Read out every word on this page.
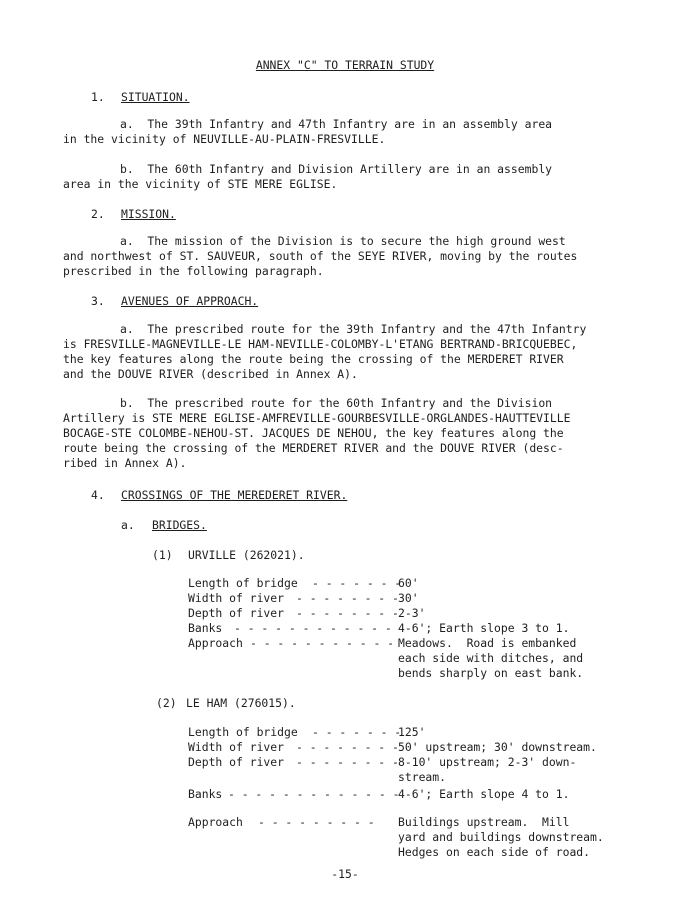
ANNEX "C" TO TERRAIN STUDY
1. SITUATION.
a.  The 39th Infantry and 47th Infantry are in an assembly area
in the vicinity of NEUVILLE-AU-PLAIN-FRESVILLE.
b.  The 60th Infantry and Division Artillery are in an assembly
area in the vicinity of STE MERE EGLISE.
2. MISSION.
a.  The mission of the Division is to secure the high ground west
and northwest of ST. SAUVEUR, south of the SEYE RIVER, moving by the routes
prescribed in the following paragraph.
3. AVENUES OF APPROACH.
a.  The prescribed route for the 39th Infantry and the 47th Infantry
is FRESVILLE-MAGNEVILLE-LE HAM-NEVILLE-COLOMBY-L'ETANG BERTRAND-BRICQUEBEC,
the key features along the route being the crossing of the MERDERET RIVER
and the DOUVE RIVER (described in Annex A).
b.  The prescribed route for the 60th Infantry and the Division
Artillery is STE MERE EGLISE-AMFREVILLE-GOURBESVILLE-ORGLANDES-HAUTTEVILLE
BOCAGE-STE COLOMBE-NEHOU-ST. JACQUES DE NEHOU, the key features along the
route being the crossing of the MERDERET RIVER and the DOUVE RIVER (desc-
ribed in Annex A).
4. CROSSINGS OF THE MEREDERET RIVER.
a. BRIDGES.
(1) URVILLE (262021).
Length of bridge - - - - - - -
60'
Width of river - - - - - - - - 30'
Depth of river - - - - - - - - 2-3'
Banks - - - - - - - - - - - - 4-6'; Earth slope 3 to 1.
Approach - - - - - - - - - - - Meadows.  Road is embanked
each side with ditches, and
bends sharply on east bank.
(2) LE HAM (276015).
Length of bridge - - - - - - -
125'
Width of river - - - - - - - - 50' upstream; 30' downstream.
Depth of river - - - - - - - - 8-10' upstream; 2-3' down-
stream.
Banks - - - - - - - - - - - - -
4-6'; Earth slope 4 to 1.
Approach - - - - - - - - - Buildings upstream.  Mill
yard and buildings downstream.
Hedges on each side of road.
-15-
